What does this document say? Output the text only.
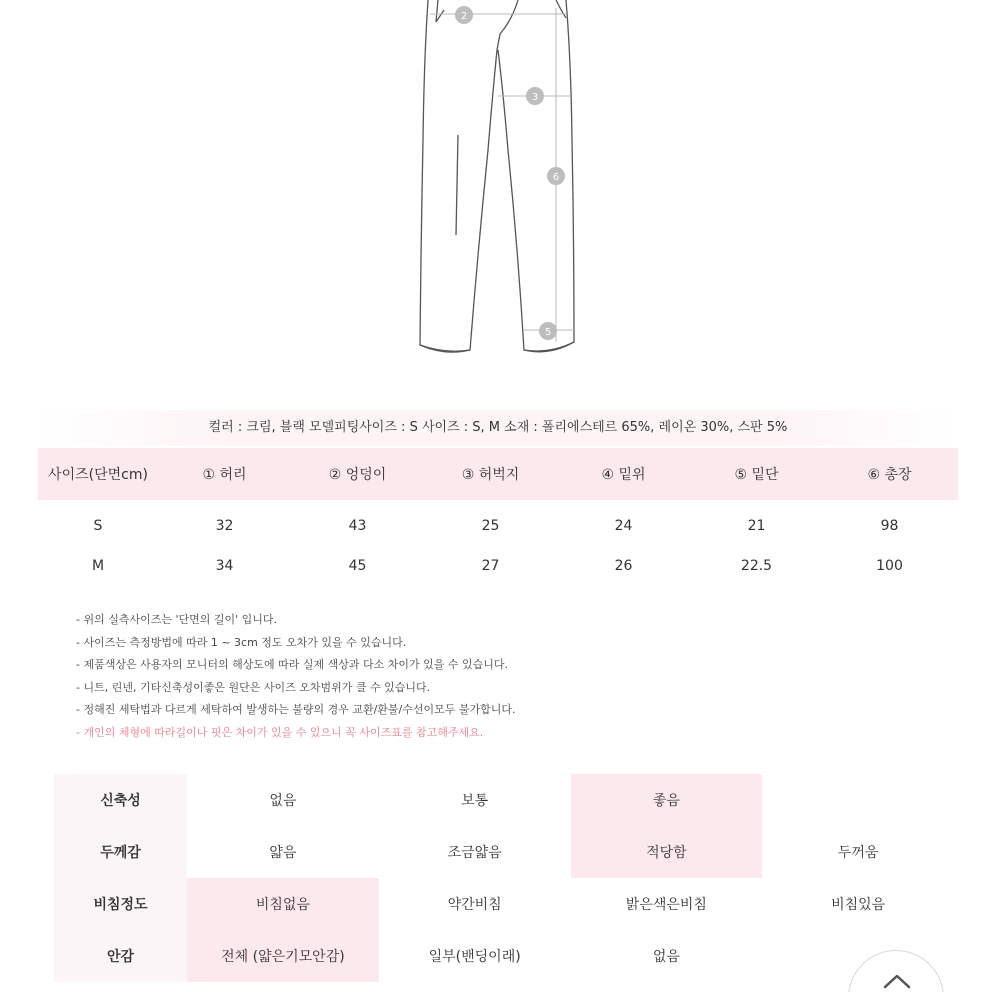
2
3
6
5
컬러 : 크림, 블랙 모델피팅사이즈 : S 사이즈 : S, M 소재 : 폴리에스테르 65%, 레이온 30%, 스판 5%
사이즈(단면cm)	① 허리	② 엉덩이	③ 허벅지	④ 밑위	⑤ 밑단	⑥ 총장
S	32	43	25	24	21	98
M	34	45	27	26	22.5	100
- 위의 실측사이즈는 '단면의 길이' 입니다.
- 사이즈는 측정방법에 따라 1 ~ 3cm 정도 오차가 있을 수 있습니다.
- 제품색상은 사용자의 모니터의 해상도에 따라 실제 색상과 다소 차이가 있을 수 있습니다.
- 니트, 린넨, 기타신축성이좋은 원단은 사이즈 오차범위가 클 수 있습니다.
- 정해진 세탁법과 다르게 세탁하여 발생하는 불량의 경우 교환/환불/수선이모두 불가합니다.
- 개인의 체형에 따라길이나 핏은 차이가 있을 수 있으니 꼭 사이즈표를 참고해주세요.
신축성	없음	보통	좋음
두께감	얇음	조금얇음	적당함	두꺼움
비침정도	비침없음	약간비침	밝은색은비침	비침있음
안감	전체 (얇은기모안감)	일부(밴딩이래)	없음
